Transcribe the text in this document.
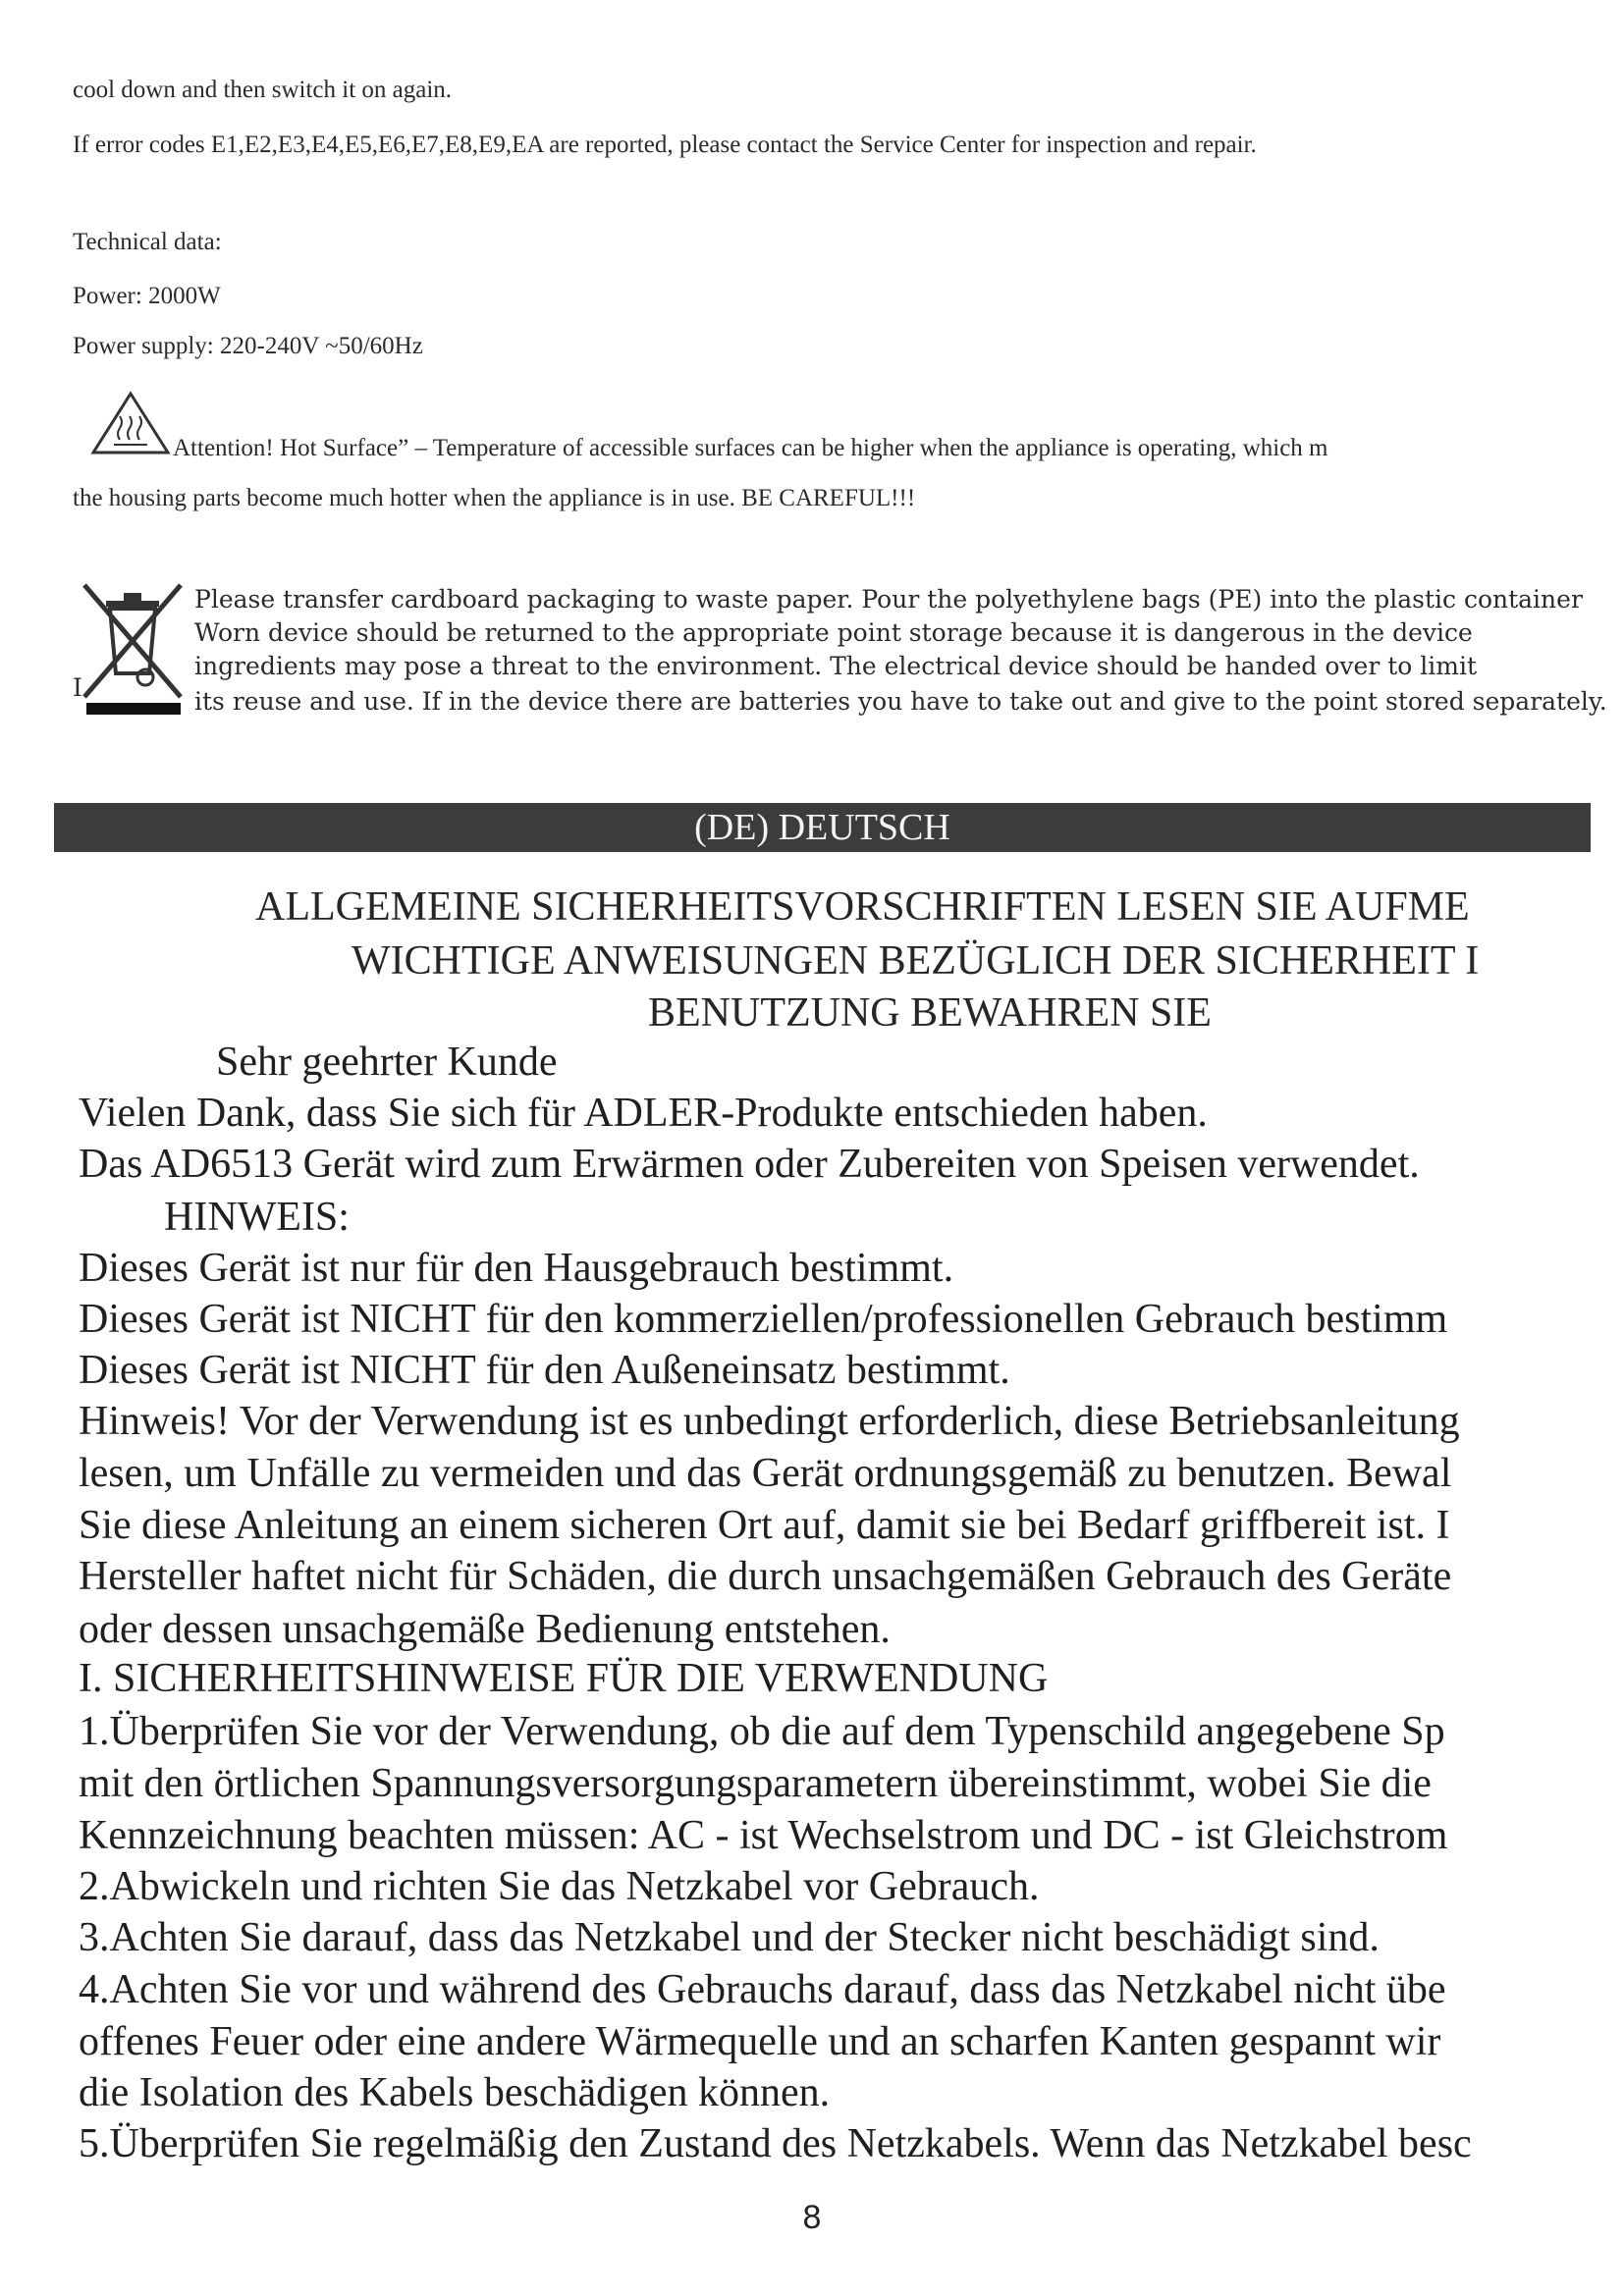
cool down and then switch it on again.
If error codes E1,E2,E3,E4,E5,E6,E7,E8,E9,EA are reported, please contact the Service Center for inspection and repair.
Technical data:
Power: 2000W
Power supply: 220-240V ~50/60Hz
Attention! Hot Surface” – Temperature of accessible surfaces can be higher when the appliance is operating, which m
the housing parts become much hotter when the appliance is in use. BE CAREFUL!!!
I
Please transfer cardboard packaging to waste paper. Pour the polyethylene bags (PE) into the plastic container
Worn device should be returned to the appropriate point storage because it is dangerous in the device
ingredients may pose a threat to the environment. The electrical device should be handed over to limit
its reuse and use. If in the device there are batteries you have to take out and give to the point stored separately.
(DE) DEUTSCH
ALLGEMEINE SICHERHEITSVORSCHRIFTEN LESEN SIE AUFME
WICHTIGE ANWEISUNGEN BEZÜGLICH DER SICHERHEIT I
BENUTZUNG BEWAHREN SIE
Sehr geehrter Kunde
Vielen Dank, dass Sie sich für ADLER-Produkte entschieden haben.
Das AD6513 Gerät wird zum Erwärmen oder Zubereiten von Speisen verwendet.
HINWEIS:
Dieses Gerät ist nur für den Hausgebrauch bestimmt.
Dieses Gerät ist NICHT für den kommerziellen/professionellen Gebrauch bestimm
Dieses Gerät ist NICHT für den Außeneinsatz bestimmt.
Hinweis! Vor der Verwendung ist es unbedingt erforderlich, diese Betriebsanleitung
lesen, um Unfälle zu vermeiden und das Gerät ordnungsgemäß zu benutzen. Bewal
Sie diese Anleitung an einem sicheren Ort auf, damit sie bei Bedarf griffbereit ist. I
Hersteller haftet nicht für Schäden, die durch unsachgemäßen Gebrauch des Geräte
oder dessen unsachgemäße Bedienung entstehen.
I. SICHERHEITSHINWEISE FÜR DIE VERWENDUNG
1.Überprüfen Sie vor der Verwendung, ob die auf dem Typenschild angegebene Sp
mit den örtlichen Spannungsversorgungsparametern übereinstimmt, wobei Sie die
Kennzeichnung beachten müssen: AC - ist Wechselstrom und DC - ist Gleichstrom
2.Abwickeln und richten Sie das Netzkabel vor Gebrauch.
3.Achten Sie darauf, dass das Netzkabel und der Stecker nicht beschädigt sind.
4.Achten Sie vor und während des Gebrauchs darauf, dass das Netzkabel nicht übe
offenes Feuer oder eine andere Wärmequelle und an scharfen Kanten gespannt wir
die Isolation des Kabels beschädigen können.
5.Überprüfen Sie regelmäßig den Zustand des Netzkabels. Wenn das Netzkabel besc
8
